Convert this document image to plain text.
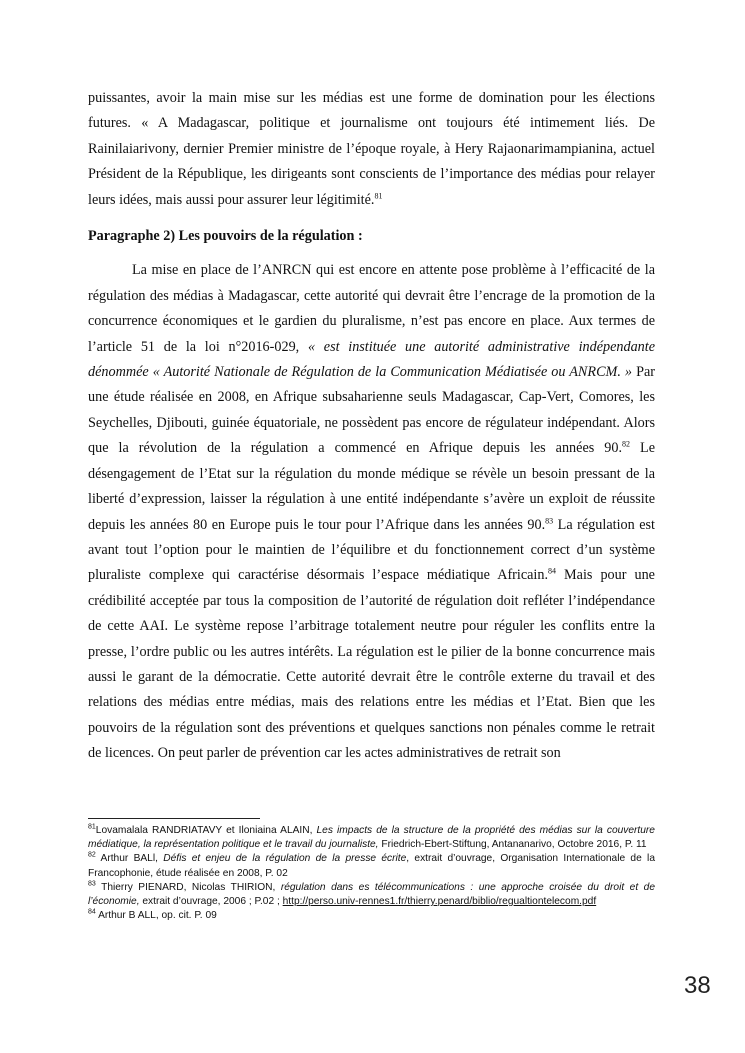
puissantes, avoir la main mise sur les médias est une forme de domination pour les élections futures. « A Madagascar, politique et journalisme ont toujours été intimement liés. De Rainilaiarivony, dernier Premier ministre de l’époque royale, à Hery Rajaonarimampianina, actuel Président de la République, les dirigeants sont conscients de l’importance des médias pour relayer leurs idées, mais aussi pour assurer leur légitimité.$^{81}$

Paragraphe 2) Les pouvoirs de la régulation :

La mise en place de l’ANRCN qui est encore en attente pose problème à l’efficacité de la régulation des médias à Madagascar, cette autorité qui devrait être l’encrage de la promotion de la concurrence économiques et le gardien du pluralisme, n’est pas encore en place. Aux termes de l’article 51 de la loi n°2016-029, « est instituée une autorité administrative indépendante dénommée « Autorité Nationale de Régulation de la Communication Médiatisée ou ANRCM. » Par une étude réalisée en 2008, en Afrique subsaharienne seuls Madagascar, Cap-Vert, Comores, les Seychelles, Djibouti, guinée équatoriale, ne possèdent pas encore de régulateur indépendant. Alors que la révolution de la régulation a commencé en Afrique depuis les années 90.82 Le désengagement de l’Etat sur la régulation du monde médique se révèle un besoin pressant de la liberté d’expression, laisser la régulation à une entité indépendante s’avère un exploit de réussite depuis les années 80 en Europe puis le tour pour l’Afrique dans les années 90.83 La régulation est avant tout l’option pour le maintien de l’équilibre et du fonctionnement correct d’un système pluraliste complexe qui caractérise désormais l’espace médiatique Africain.$^{84}$ Mais pour une crédibilité acceptée par tous la composition de l’autorité de régulation doit refléter l’indépendance de cette AAI. Le système repose l’arbitrage totalement neutre pour réguler les conflits entre la presse, l’ordre public ou les autres intérêts. La régulation est le pilier de la bonne concurrence mais aussi le garant de la démocratie. Cette autorité devrait être le contrôle externe du travail et des relations des médias entre médias, mais des relations entre les médias et l’Etat. Bien que les pouvoirs de la régulation sont des préventions et quelques sanctions non pénales comme le retrait de licences. On peut parler de prévention car les actes administratives de retrait son

$^{81}$Lovamalala RANDRIATAVY et Iloniaina ALAIN, Les impacts de la structure de la propriété des médias sur la couverture médiatique, la représentation politique et le travail du journaliste, Friedrich-Ebert-Stiftung, Antananarivo, Octobre 2016, P. 11

$^{82}$ Arthur BALl, Défis et enjeu de la régulation de la presse écrite, extrait d’ouvrage, Organisation Internationale de la Francophonie, étude réalisée en 2008, P. 02

$^{83}$ Thierry PIENARD, Nicolas THIRION, régulation dans es télécommunications : une approche croisée du droit et de l’économie, extrait d’ouvrage, 2006 ; P.02 ; http://perso.univ-rennes1.fr/thierry.penard/biblio/regualtiontelecom.pdf

$^{84}$ Arthur B ALL, op. cit. P. 09

38
